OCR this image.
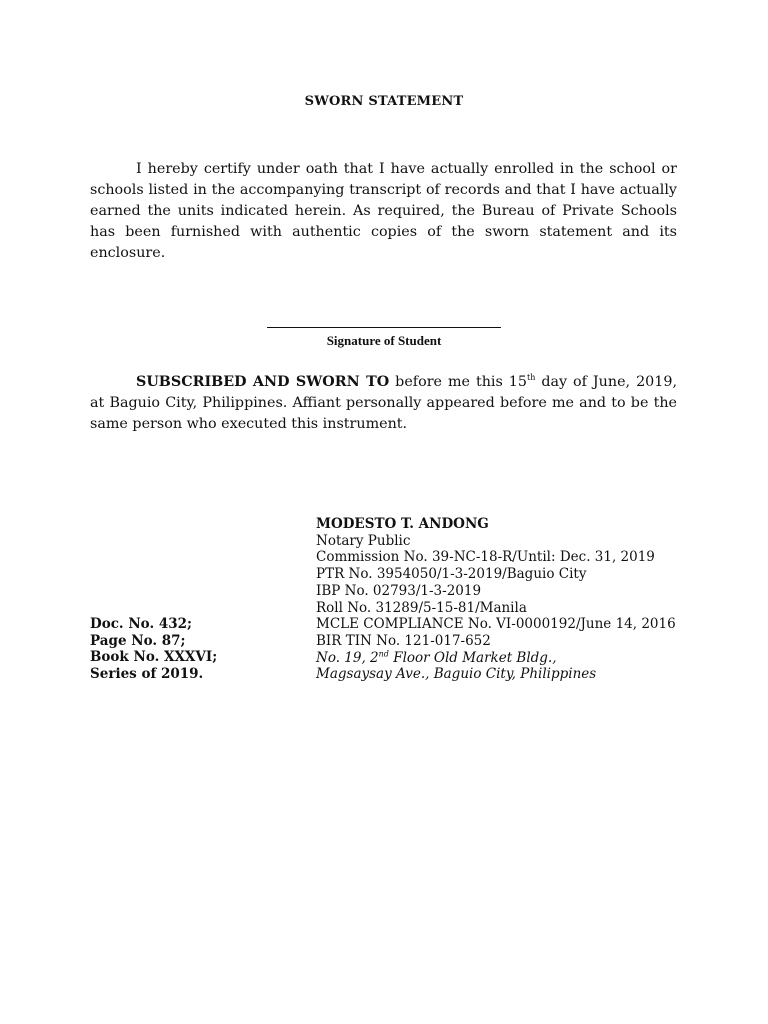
SWORN STATEMENT

I hereby certify under oath that I have actually enrolled in the school or schools listed in the accompanying transcript of records and that I have actually earned the units indicated herein. As required, the Bureau of Private Schools has been furnished with authentic copies of the sworn statement and its enclosure.

Signature of Student

SUBSCRIBED AND SWORN TO before me this 15th day of June, 2019, at Baguio City, Philippines. Affiant personally appeared before me and to be the same person who executed this instrument.

MODESTO T. ANDONG
Notary Public
Commission No. 39-NC-18-R/Until: Dec. 31, 2019
PTR No. 3954050/1-3-2019/Baguio City
IBP No. 02793/1-3-2019
Roll No. 31289/5-15-81/Manila
MCLE COMPLIANCE No. VI-0000192/June 14, 2016
BIR TIN No. 121-017-652
No. 19, 2nd Floor Old Market Bldg.,
Magsaysay Ave., Baguio City, Philippines
Doc. No. 432;
Page No. 87;
Book No. XXXVI;
Series of 2019.
